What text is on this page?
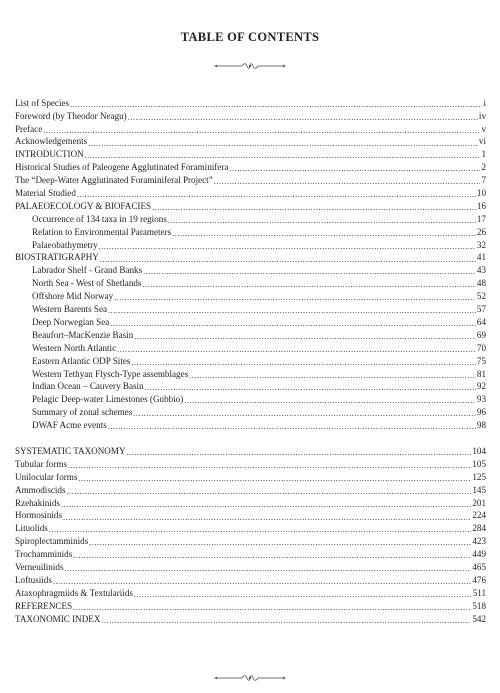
TABLE OF CONTENTS
List of Species .....	i
Foreword (by Theodor Neagu) .....	iv
Preface .....	v
Acknowledgements .....	vi
INTRODUCTION .....	1
Historical Studies of Paleogene Agglutinated Foraminifera .....	2
The “Deep-Water Agglutinated Foraminiferal Project” .....	7
Material Studied .....	10
PALAEOECOLOGY & BIOFACIES .....	16
Occurrence of 134 taxa in 19 regions .....	17
Relation to Environmental Parameters .....	26
Palaeobathymetry .....	32
BIOSTRATIGRAPHY .....	41
Labrador Shelf - Grand Banks .....	43
North Sea - West of Shetlands .....	48
Offshore Mid Norway .....	52
Western Barents Sea .....	57
Deep Norwegian Sea .....	64
Beaufort–MacKenzie Basin .....	69
Western North Atlantic .....	70
Eastern Atlantic ODP Sites .....	75
Western Tethyan Flysch-Type assemblages .....	81
Indian Ocean – Cauvery Basin .....	92
Pelagic Deep-water Limestones (Gubbio) .....	93
Summary of zonal schemes .....	96
DWAF Acme events .....	98
SYSTEMATIC TAXONOMY .....	104
Tubular forms .....	105
Unilocular forms .....	125
Ammodiscids .....	145
Rzehakinids .....	201
Hormosinids .....	224
Lituolids .....	284
Spiroplectamminids .....	423
Trochamminids .....	449
Verneuilinids .....	465
Loftusiids .....	476
Ataxophragmiids & Textulariids .....	511
REFERENCES .....	518
TAXONOMIC INDEX .....	542
